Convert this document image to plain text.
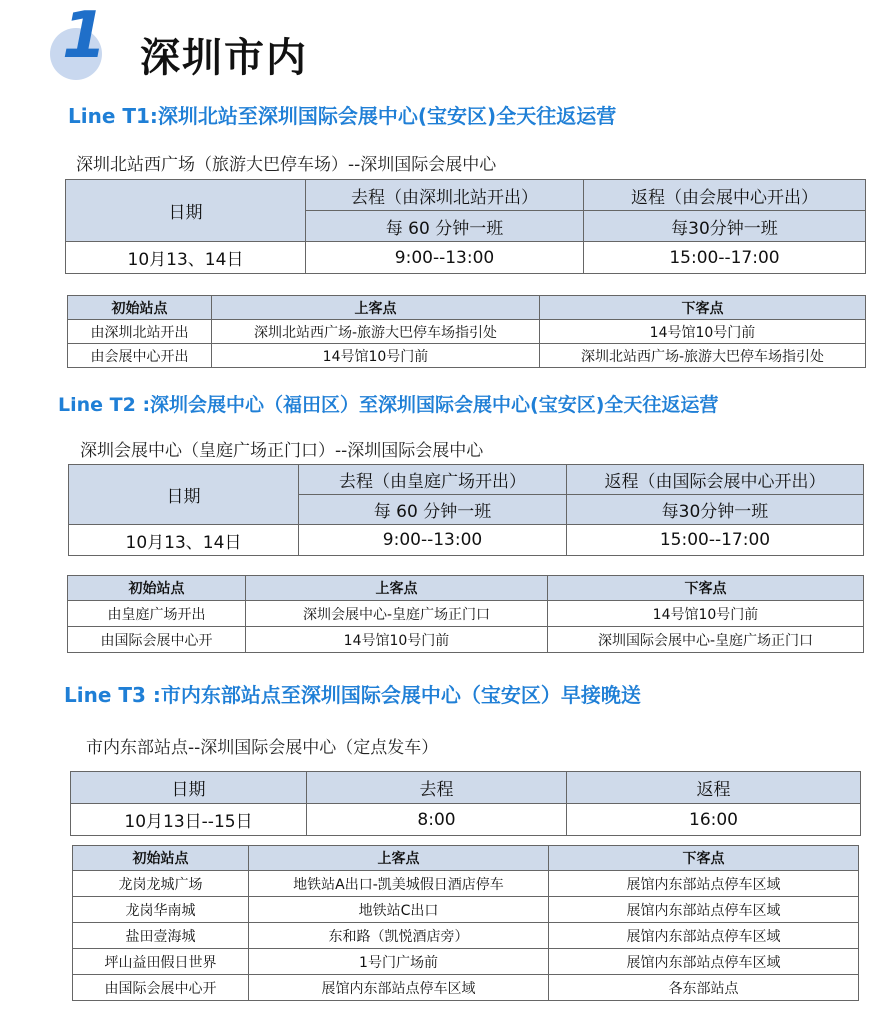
1 深圳市内
Line T1:深圳北站至深圳国际会展中心(宝安区)全天往返运营
深圳北站西广场（旅游大巴停车场）--深圳国际会展中心
日期	去程（由深圳北站开出）	返程（由会展中心开出）
	每 60 分钟一班	每30分钟一班
10月13、14日	9:00--13:00	15:00--17:00
初始站点	上客点	下客点
由深圳北站开出	深圳北站西广场-旅游大巴停车场指引处	14号馆10号门前
由会展中心开出	14号馆10号门前	深圳北站西广场-旅游大巴停车场指引处
Line T2 :深圳会展中心（福田区）至深圳国际会展中心(宝安区)全天往返运营
深圳会展中心（皇庭广场正门口）--深圳国际会展中心
日期	去程（由皇庭广场开出）	返程（由国际会展中心开出）
	每 60 分钟一班	每30分钟一班
10月13、14日	9:00--13:00	15:00--17:00
初始站点	上客点	下客点
由皇庭广场开出	深圳会展中心-皇庭广场正门口	14号馆10号门前
由国际会展中心开	14号馆10号门前	深圳国际会展中心-皇庭广场正门口
Line T3 :市内东部站点至深圳国际会展中心（宝安区）早接晚送
市内东部站点--深圳国际会展中心（定点发车）
日期	去程	返程
10月13日--15日	8:00	16:00
初始站点	上客点	下客点
龙岗龙城广场	地铁站A出口-凯美城假日酒店停车	展馆内东部站点停车区域
龙岗华南城	地铁站C出口	展馆内东部站点停车区域
盐田壹海城	东和路（凯悦酒店旁）	展馆内东部站点停车区域
坪山益田假日世界	1号门广场前	展馆内东部站点停车区域
由国际会展中心开	展馆内东部站点停车区域	各东部站点
